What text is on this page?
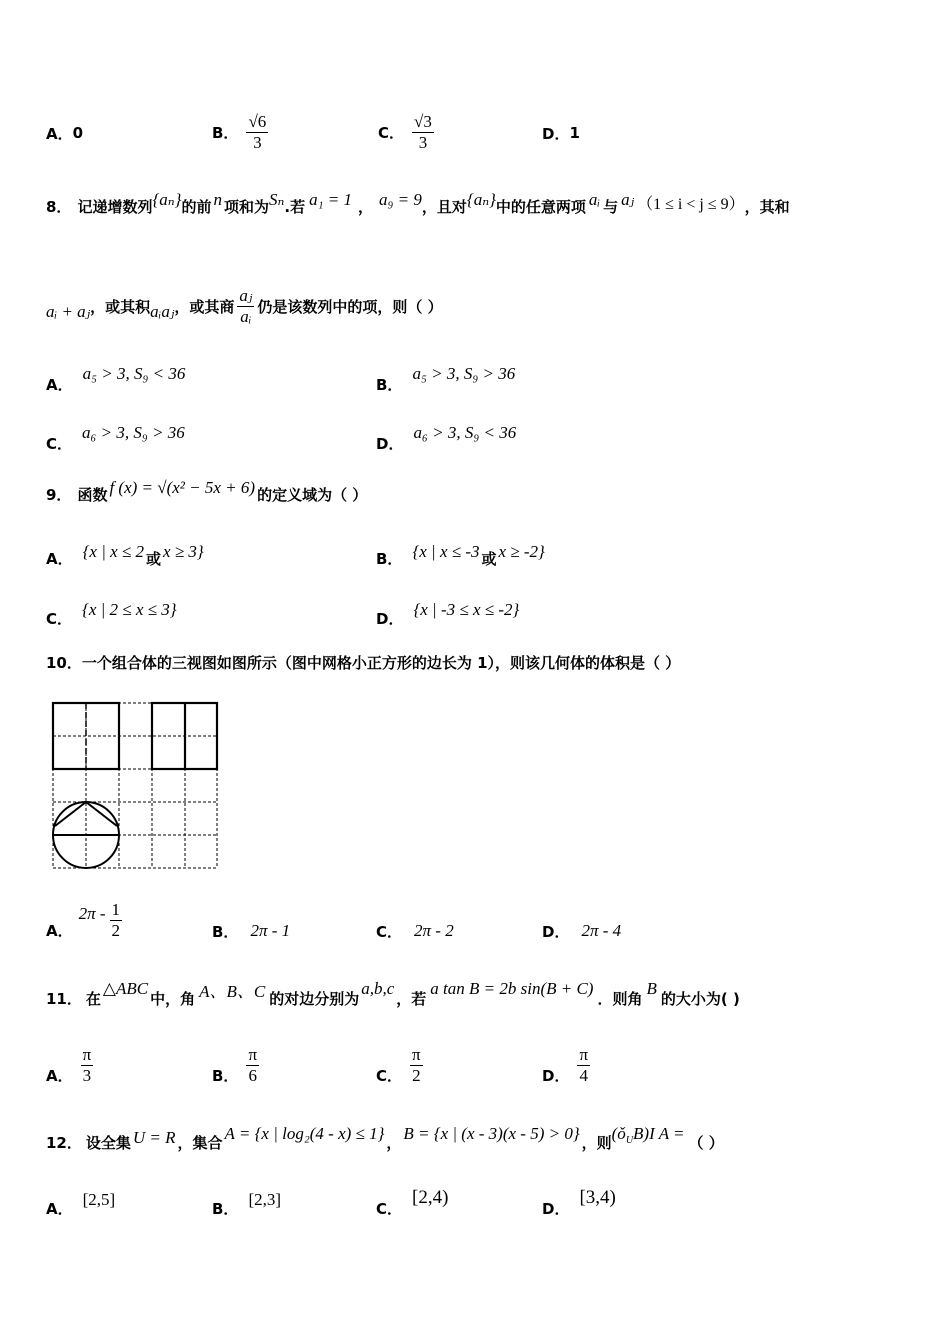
A． 0	B． $\frac{√6}{3}$	C． $\frac{√3}{3}$	D． 1
8． 记递增数列 {aₙ} 的前 n 项和为 Sₙ .若 a₁ = 1 ， a₉ = 9 ，且对 {aₙ} 中的任意两项 aᵢ 与 aⱼ （1 ≤ i < j ≤ 9） ，其和
aᵢ + aⱼ ，或其积 aᵢaⱼ ，或其商 $\frac{\text{aⱼ}}{\text{aᵢ}}$ 仍是该数列中的项，则（ ）
A．
a₅ > 3, S₉ < 36
B．
a₅ > 3, S₉ > 36
C．
a₆ > 3, S₉ > 36
D．
a₆ > 3, S₉ < 36
9． 函数 f (x) = √(x² − 5x + 6) 的定义域为（ ）
A． {x | x ≤ 2 或 x ≥ 3}	B． {x | x ≤ -3 或 x ≥ -2}
C． {x | 2 ≤ x ≤ 3}	D． {x | -3 ≤ x ≤ -2}
10．一个组合体的三视图如图所示（图中网格小正方形的边长为 1），则该几何体的体积是（ ）
A．
$2\pi - \frac{1}{2}$	B． 2π - 1	C． 2π - 2	D． 2π - 4
11． 在
△ABC
中，角 A、B、C 的对边分别为
a,b,c
，若
a tan B = 2b sin(B + C)
．则角
B
的大小为( )
A． $\frac{\pi}{3}$	B． $\frac{\pi}{6}$	C． $\frac{\pi}{2}$	D． $\frac{\pi}{4}$
12． 设全集 U = R ，集合 A = {x | log₂(4 - x) ≤ 1} ， B = {x | (x - 3)(x - 5) > 0} ，则 (ǒ U B)I A = （ ）
A． [2,5]	B． [2,3]	C．
[2,4)
D．
[3,4)
